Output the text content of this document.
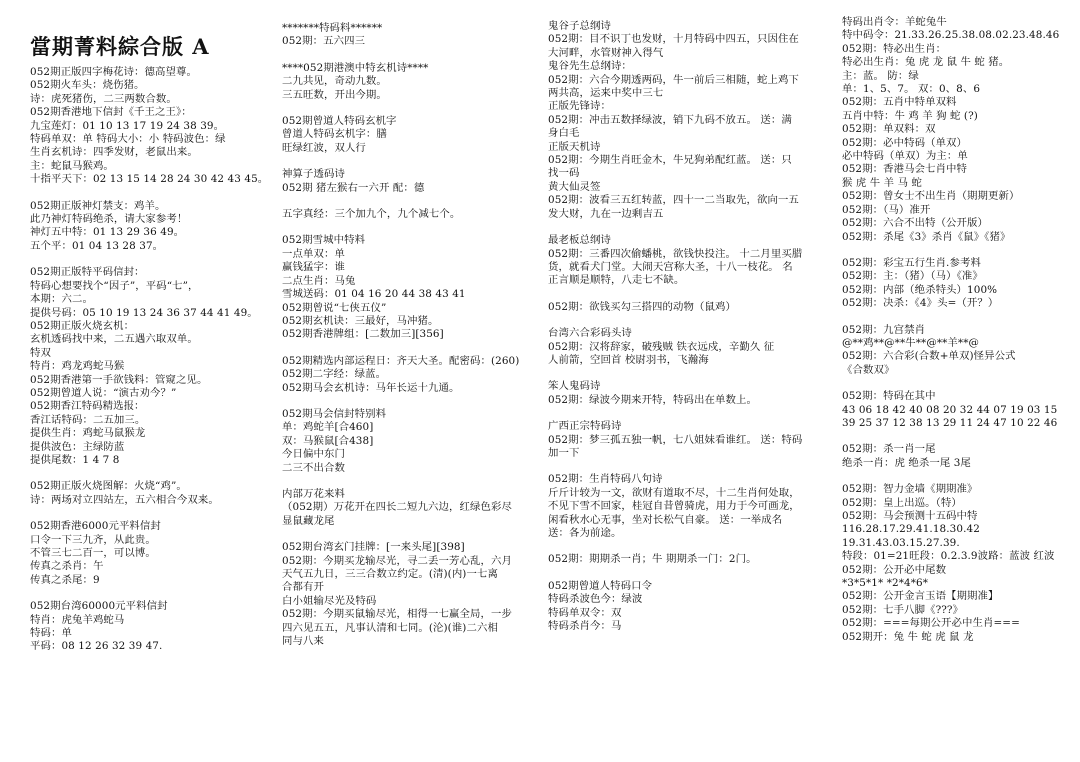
當期菁料綜合版 A
052期正版四字梅花诗：德高望尊。
052期火车头：烧伤猪。
诗：虎死猪伤，二三两数合数。
052期香港地下信封《千王之王》：
九宝莲灯：01 10 13 17 19 24 38 39。
特码单双：单 特码大小：小 特码波色：绿
生肖玄机诗：四季发财，老鼠出来。
主：蛇鼠马猴鸡。
十指平天下：02 13 15 14 28 24 30 42 43 45。
052期正版神灯禁支：鸡羊。
此乃神灯特码绝杀，请大家参考！
神灯五中特：01 13 29 36 49。
五个平：01 04 13 28 37。
052期正版特平码信封：
特码心想要找个“因子”，平码“七”，
本期：六二。
提供号码：05 10 19 13 24 36 37 44 41 49。
052期正版火烧玄机：
玄机透码找中来，二五遇六取双单。
特双
特肖：鸡龙鸡蛇马猴
052期香港第一手欲钱料：管窥之见。
052期曾道人说：“演古劝今？”
052期香江特码精选报：
香江话特码：二五加三。
提供生肖：鸡蛇马鼠猴龙
提供波色：主绿防蓝
提供尾数：1 4 7 8
052期正版火烧图解：火烧“鸡”。
诗：两场对立四站左，五六相合今双来。
052期香港6000元平料信封
口令一下三九齐，从此贵。
不管三七二百一，可以博。
传真之杀肖：午
传真之杀尾：9
052期台湾60000元平料信封
特肖：虎兔羊鸡蛇马
特码：单
平码：08 12 26 32 39 47.
*******特码料******
052期：五六四三
****052期港澳中特玄机诗****
二九共见，奇动九数。
三五旺数，开出今期。
052期曾道人特码玄机字
曾道人特码玄机字：膳
旺绿红波，双人行
神算子透码诗
052期 猪左猴右一六开 配：德
五字真经：三个加九个，九个减七个。
052期雪城中特料
一点单双：单
赢钱猛字：谁
二点生肖：马兔
雪城送码：01 04 16 20 44 38 43 41
052期曾说“七侠五仪”
052期玄机诀：三最好，马冲猪。
052期香港牌组：[二数加三][356]
052期精选内部运程日：齐天大圣。配密码：(260)
052期二字经：绿蓝。
052期马会玄机诗：马年长运十九通。
052期马会信封特别料
单：鸡蛇羊[合460]
双：马猴鼠[合438]
今日偏中东门
二三不出合数
内部万花来料
（052期）万花开在四长二短九六边，红绿色彩尽
显鼠藏龙尾
052期台湾玄门挂牌：[一来头尾][398]
052期：今期买龙输尽光，寻二丢一芳心乱，六月
天气五九日，三三合数立约定。(清)(内)一七离
合都有开
白小姐输尽光及特码
052期：今期买鼠输尽光，相得一七赢全局，一步
四六见五五，凡事认清和七同。(沦)(谁)二六相
同与八来
鬼谷子总纲诗
052期：目不识丁也发财，十月特码中四五，只因住在
大河畔，水管财神入得气
鬼谷先生总纲诗：
052期：六合今期透两码，牛一前后三相随，蛇上鸡下
两共高，运来中奖中三七
正版先锋诗：
052期：冲击五数择绿波，销下九码不放五。 送：满
身白毛
正版天机诗
052期：今期生肖旺金木，牛兄狗弟配红蓝。 送：只
找一码
黄大仙灵签
052期：波看三五红转蓝，四十一二当取先，欲向一五
发大财，九在一边剩吉五
最老板总纲诗
052期：三番四次偷蟠桃，欲钱快投注。 十二月里买腊
货，就看犬门堂。大闹天宫称大圣，十八一枝花。 名
正言顺是顺特，八走七不缺。
052期：欲钱买勾三搭四的动物（鼠鸡）
台湾六合彩码头诗
052期：汉将辞家，破残贼 铁衣远戍，辛勤久 征
人前箭，空回首 校尉羽书，飞瀚海
笨人鬼码诗
052期：绿波今期来开特，特码出在单数上。
广西正宗特码诗
052期：梦三孤五独一帆，七八姐妹看谁红。 送：特码
加一下
052期：生肖特码八句诗
斤斤计较为一文，欲财有道取不尽，十二生肖何处取，
不见下雪不回家，桂冠自昔曾骑虎，用力于今可画龙，
闲看秋水心无事，坐对长松气自豪。 送：一举成名
送：各为前途。
052期：期期杀一肖；牛 期期杀一门：2门。
052期曾道人特码口令
特码杀波色今：绿波
特码单双令：双
特码杀肖今：马
特码出肖令：羊蛇兔牛
特中码令：21.33.26.25.38.08.02.23.48.46
052期：特必出生肖：
特必出生肖：兔 虎 龙 鼠 牛 蛇 猪。
主：蓝。 防：绿
单：1、5、7。 双：0、8、6
052期：五肖中特单双料
五肖中特：牛 鸡 羊 狗 蛇 (?)
052期：单双料：双
052期：必中特码（单双）
必中特码（单双）为主：单
052期：香港马会七肖中特
猴 虎 牛 羊 马 蛇
052期：曾女士不出生肖（期期更新）
052期：（马）准开
052期：六合不出特（公开版）
052期：杀尾《3》杀肖《鼠》《猪》
052期：彩宝五行生肖.参考料
052期：主：（猪）（马）《准》
052期：内部（绝杀特头）100%
052期：决杀：《4》头=（开？）
052期：九宫禁肖
@**鸡**@**牛**@**羊**@
052期：六合彩(合数+单双)怪异公式
《合数双》
052期：特码在其中
43 06 18 42 40 08 20 32 44 07 19 03 15
39 25 37 12 38 13 29 11 24 47 10 22 46
052期：杀一肖一尾
绝杀一肖：虎 绝杀一尾 3尾
052期：智力金墙《期期准》
052期：皇上出巡。（特）
052期：马会预测十五码中特
116.28.17.29.41.18.30.42
19.31.43.03.15.27.39.
特段：01=21旺段：0.2.3.9波路：蓝波 红波
052期：公开必中尾数
*3*5*1* *2*4*6*
052期：公开金言玉语【期期准】
052期：七手八脚《???》
052期：===每期公开必中生肖===
052期开：兔 牛 蛇 虎 鼠 龙
